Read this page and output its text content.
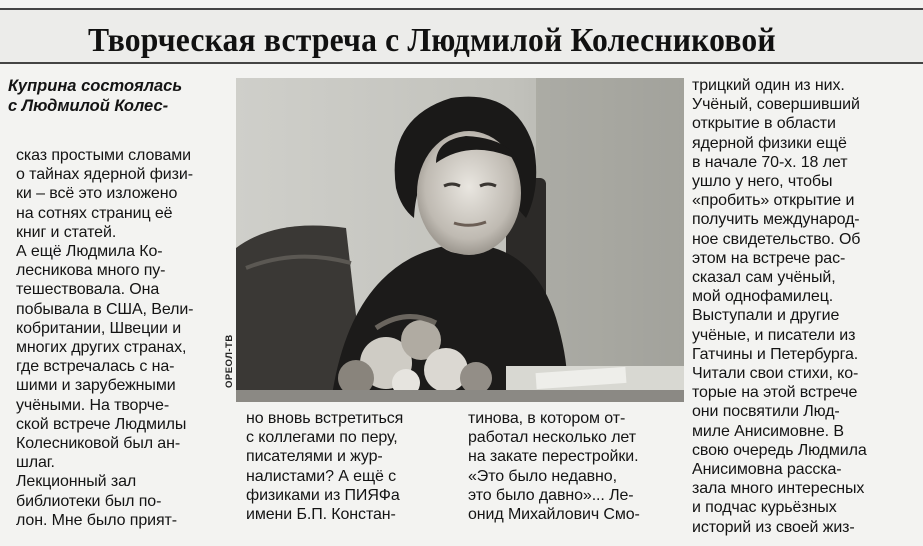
Творческая встреча с Людмилой Колесниковой
Куприна состоялась
с Людмилой Колес-
сказ простыми словами
о тайнах ядерной физи-
ки – всё это изложено
на сотнях страниц её
книг и статей.
А ещё Людмила Ко-
лесникова много пу-
тешествовала. Она
побывала в США, Вели-
кобритании, Швеции и
многих других странах,
где встречалась с на-
шими и зарубежными
учёными. На творче-
ской встрече Людмилы
Колесниковой был ан-
шлаг.
Лекционный зал
библиотеки был по-
лон. Мне было прият-
ОРЕОЛ-ТВ
но вновь встретиться
с коллегами по перу,
писателями и жур-
налистами? А ещё с
физиками из ПИЯФа
имени Б.П. Констан-
тинова, в котором от-
работал несколько лет
на закате перестройки.
«Это было недавно,
это было давно»... Ле-
онид Михайлович Смо-
трицкий один из них.
Учёный, совершивший
открытие в области
ядерной физики ещё
в начале 70-х. 18 лет
ушло у него, чтобы
«пробить» открытие и
получить международ-
ное свидетельство. Об
этом на встрече рас-
сказал сам учёный,
мой однофамилец.
Выступали и другие
учёные, и писатели из
Гатчины и Петербурга.
Читали свои стихи, ко-
торые на этой встрече
они посвятили Люд-
миле Анисимовне. В
свою очередь Людмила
Анисимовна расска-
зала много интересных
и подчас курьёзных
историй из своей жиз-
